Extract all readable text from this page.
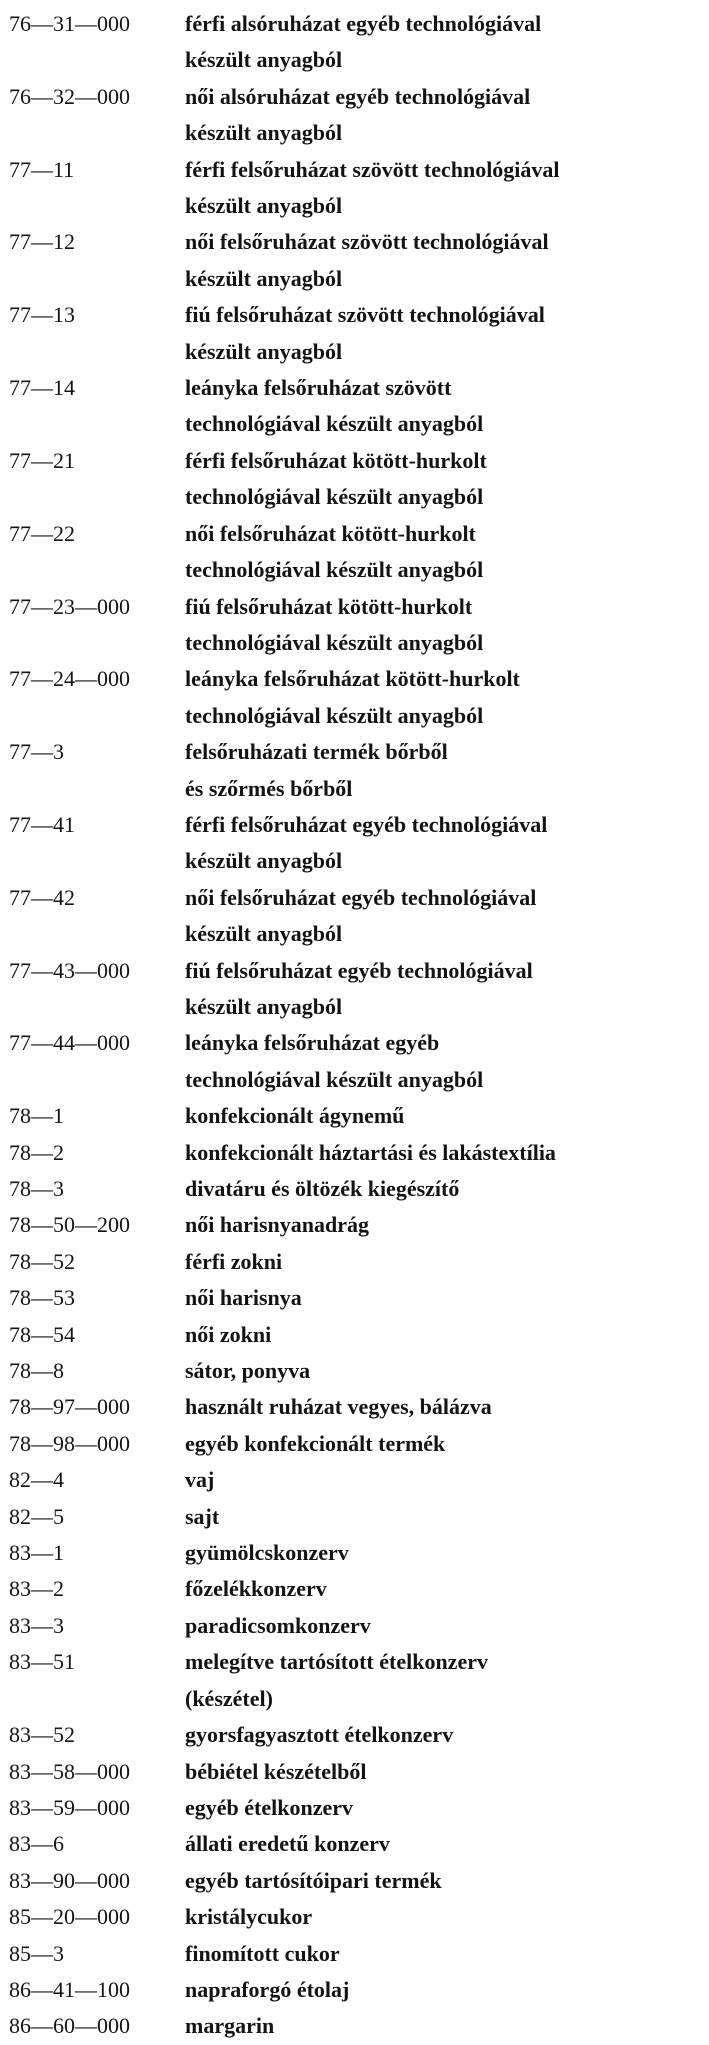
76—31—000	férfi alsóruházat egyéb technológiával
készült anyagból
76—32—000	női alsóruházat egyéb technológiával
készült anyagból
77—11	férfi felsőruházat szövött technológiával
készült anyagból
77—12	női felsőruházat szövött technológiával
készült anyagból
77—13	fiú felsőruházat szövött technológiával
készült anyagból
77—14	leányka felsőruházat szövött
technológiával készült anyagból
77—21	férfi felsőruházat kötött-hurkolt
technológiával készült anyagból
77—22	női felsőruházat kötött-hurkolt
technológiával készült anyagból
77—23—000	fiú felsőruházat kötött-hurkolt
technológiával készült anyagból
77—24—000	leányka felsőruházat kötött-hurkolt
technológiával készült anyagból
77—3	felsőruházati termék bőrből
és szőrmés bőrből
77—41	férfi felsőruházat egyéb technológiával
készült anyagból
77—42	női felsőruházat egyéb technológiával
készült anyagból
77—43—000	fiú felsőruházat egyéb technológiával
készült anyagból
77—44—000	leányka felsőruházat egyéb
technológiával készült anyagból
78—1	konfekcionált ágynemű
78—2	konfekcionált háztartási és lakástextília
78—3	divatáru és öltözék kiegészítő
78—50—200	női harisnyanadrág
78—52	férfi zokni
78—53	női harisnya
78—54	női zokni
78—8	sátor, ponyva
78—97—000	használt ruházat vegyes, bálázva
78—98—000	egyéb konfekcionált termék
82—4	vaj
82—5	sajt
83—1	gyümölcskonzerv
83—2	főzelékkonzerv
83—3	paradicsomkonzerv
83—51	melegítve tartósított ételkonzerv
(készétel)
83—52	gyorsfagyasztott ételkonzerv
83—58—000	bébiétel készételből
83—59—000	egyéb ételkonzerv
83—6	állati eredetű konzerv
83—90—000	egyéb tartósítóipari termék
85—20—000	kristálycukor
85—3	finomított cukor
86—41—100	napraforgó étolaj
86—60—000	margarin
